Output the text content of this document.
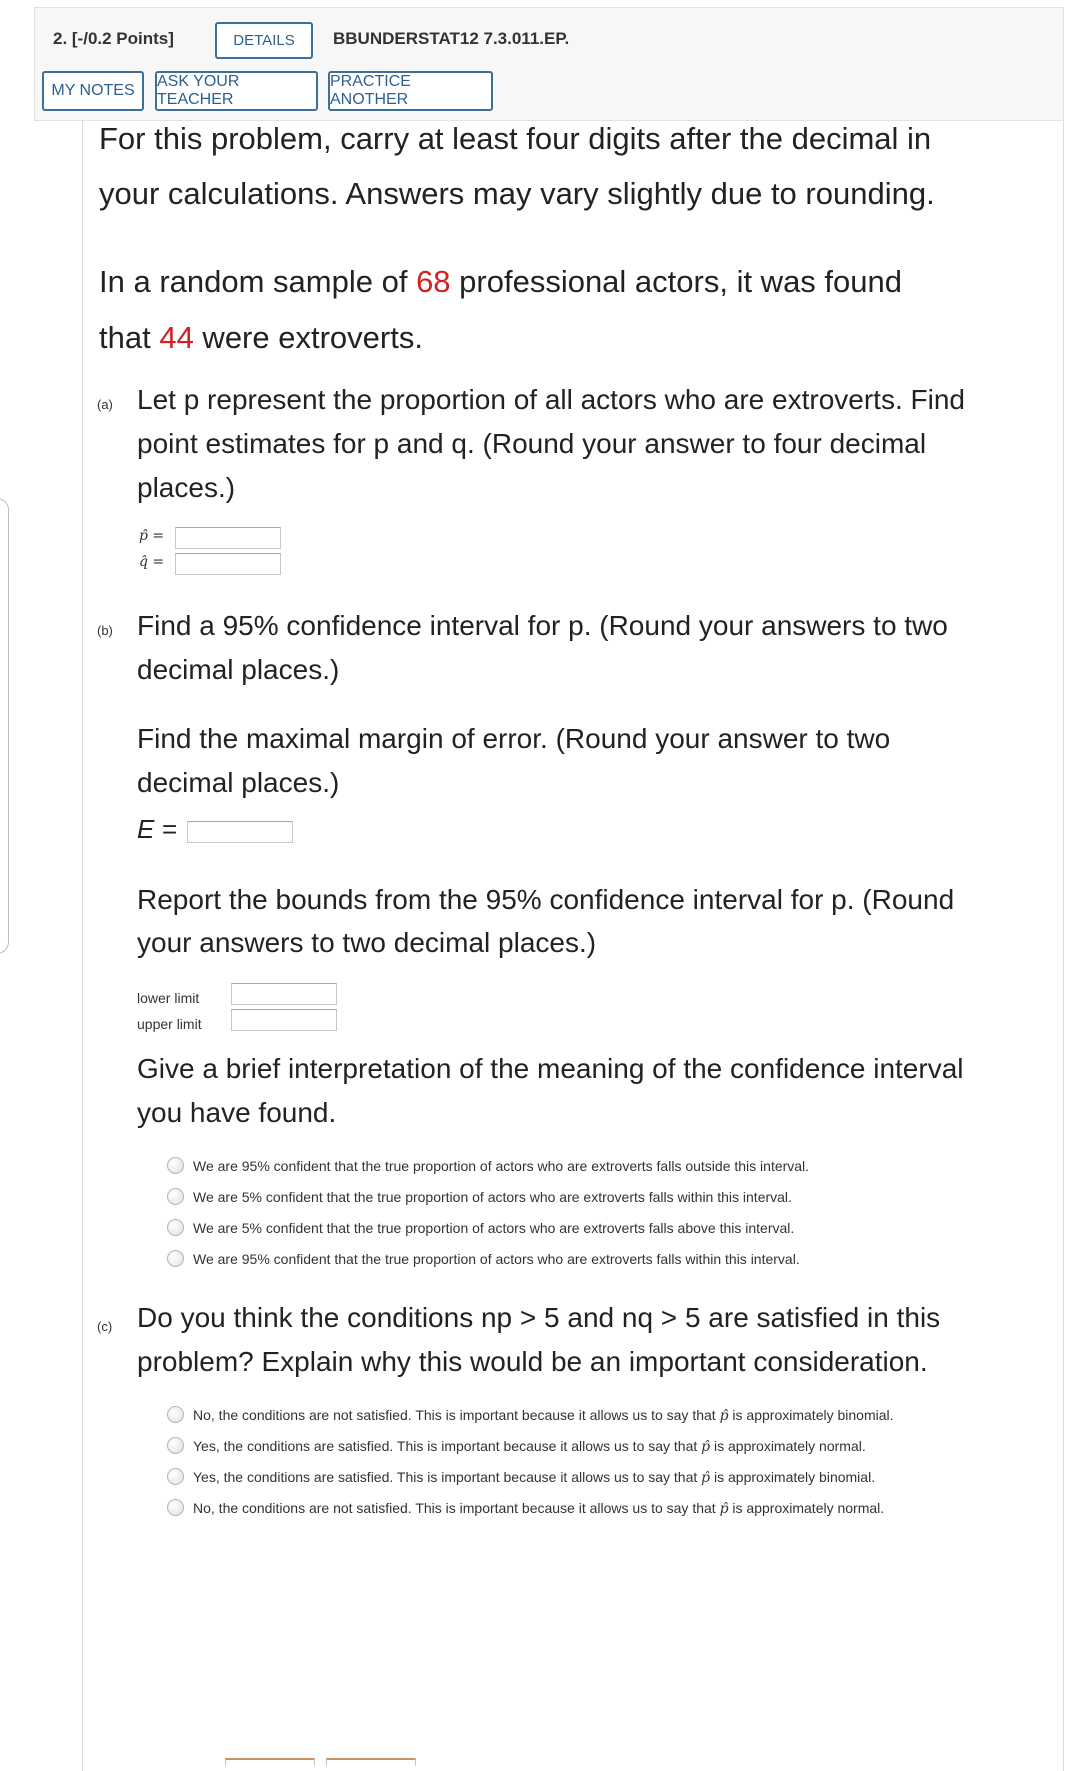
2. [-/0.2 Points]	DETAILS	BBUNDERSTAT12 7.3.011.EP.
MY NOTES
ASK YOUR TEACHER
PRACTICE ANOTHER
For this problem, carry at least four digits after the decimal in
your calculations. Answers may vary slightly due to rounding.
In a random sample of 68 professional actors, it was found
that 44 were extroverts.
(a) Let p represent the proportion of all actors who are extroverts. Find
point estimates for p and q. (Round your answer to four decimal
places.)
p̂ =
q̂ =
(b) Find a 95% confidence interval for p. (Round your answers to two
decimal places.)
Find the maximal margin of error. (Round your answer to two
decimal places.)
E =
Report the bounds from the 95% confidence interval for p. (Round
your answers to two decimal places.)
lower limit
upper limit
Give a brief interpretation of the meaning of the confidence interval
you have found.
We are 95% confident that the true proportion of actors who are extroverts falls outside this interval.
We are 5% confident that the true proportion of actors who are extroverts falls within this interval.
We are 5% confident that the true proportion of actors who are extroverts falls above this interval.
We are 95% confident that the true proportion of actors who are extroverts falls within this interval.
(c) Do you think the conditions np > 5 and nq > 5 are satisfied in this
problem? Explain why this would be an important consideration.
No, the conditions are not satisfied. This is important because it allows us to say that p̂ is approximately binomial.
Yes, the conditions are satisfied. This is important because it allows us to say that p̂ is approximately normal.
Yes, the conditions are satisfied. This is important because it allows us to say that p̂ is approximately binomial.
No, the conditions are not satisfied. This is important because it allows us to say that p̂ is approximately normal.
